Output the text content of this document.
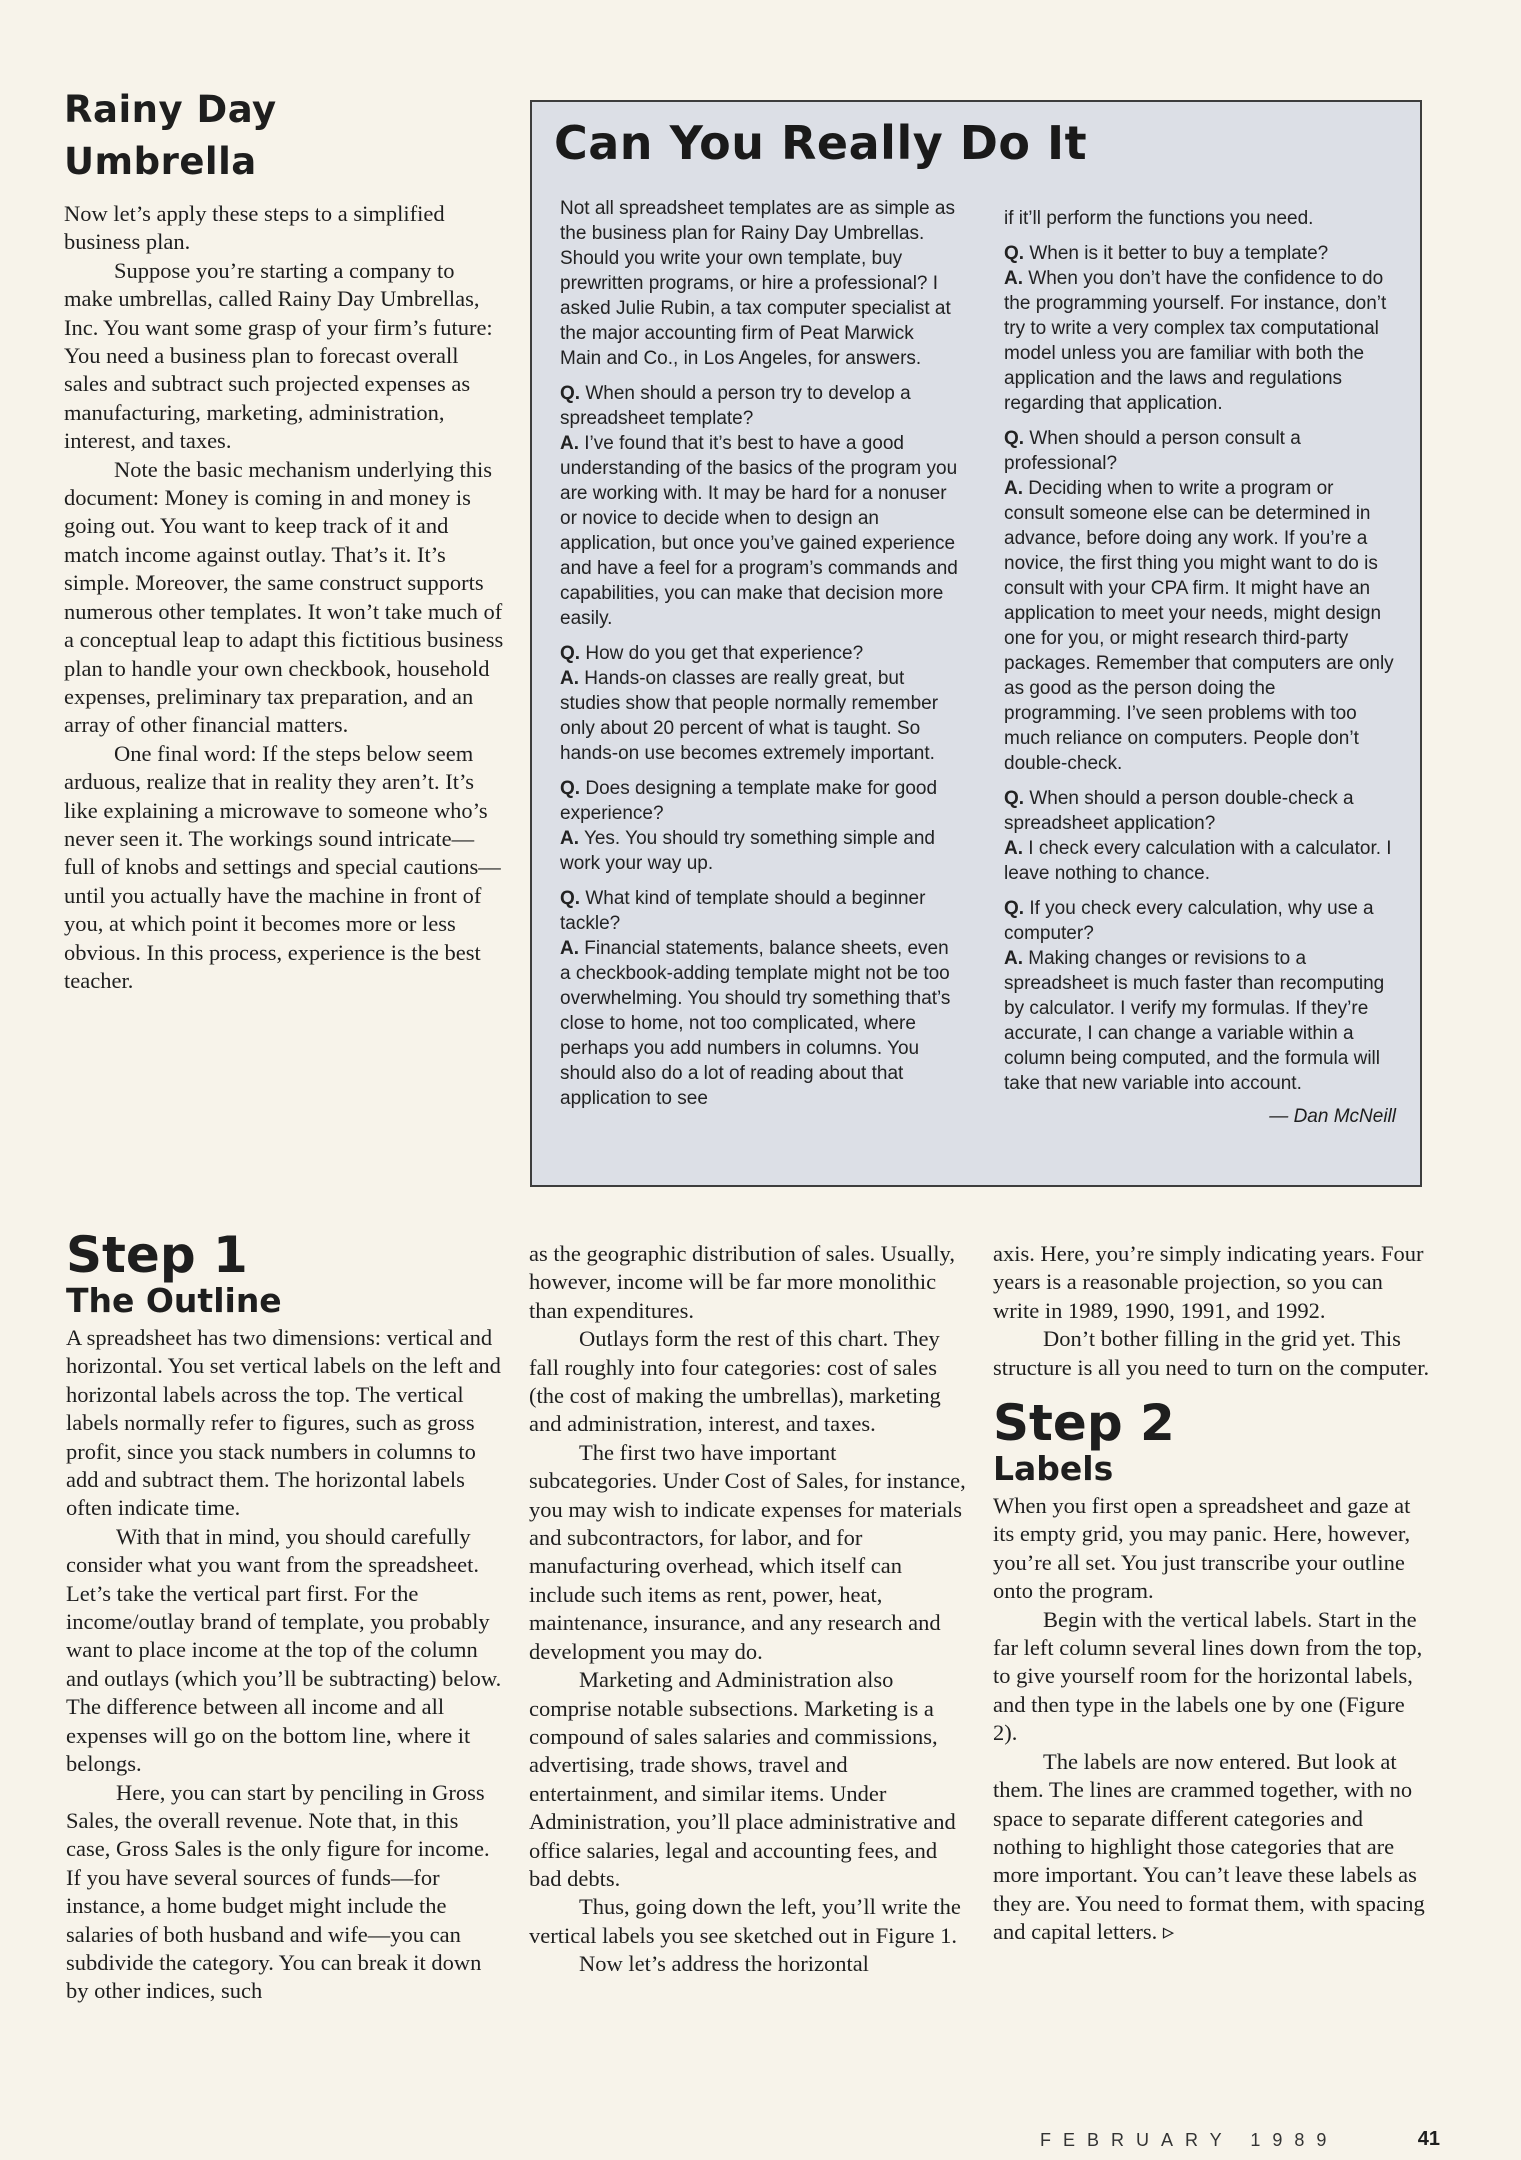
Rainy Day
Umbrella

Now let’s apply these steps to a simplified business plan.

Suppose you’re starting a company to make umbrellas, called Rainy Day Umbrellas, Inc. You want some grasp of your firm’s future: You need a business plan to forecast overall sales and subtract such projected expenses as manufacturing, marketing, administration, interest, and taxes.

Note the basic mechanism underlying this document: Money is coming in and money is going out. You want to keep track of it and match income against outlay. That’s it. It’s simple. Moreover, the same construct supports numerous other templates. It won’t take much of a conceptual leap to adapt this fictitious business plan to handle your own checkbook, household expenses, preliminary tax preparation, and an array of other financial matters.

One final word: If the steps below seem arduous, realize that in reality they aren’t. It’s like explaining a microwave to someone who’s never seen it. The workings sound intricate—full of knobs and settings and special cautions—until you actually have the machine in front of you, at which point it becomes more or less obvious. In this process, experience is the best teacher.

Can You Really Do It

Not all spreadsheet templates are as simple as the business plan for Rainy Day Umbrellas. Should you write your own template, buy prewritten programs, or hire a professional? I asked Julie Rubin, a tax computer specialist at the major accounting firm of Peat Marwick Main and Co., in Los Angeles, for answers.

Q. When should a person try to develop a spreadsheet template?

A. I’ve found that it’s best to have a good understanding of the basics of the program you are working with. It may be hard for a nonuser or novice to decide when to design an application, but once you’ve gained experience and have a feel for a program’s commands and capabilities, you can make that decision more easily.

Q. How do you get that experience?

A. Hands-on classes are really great, but studies show that people normally remember only about 20 percent of what is taught. So hands-on use becomes extremely important.

Q. Does designing a template make for good experience?

A. Yes. You should try something simple and work your way up.

Q. What kind of template should a beginner tackle?

A. Financial statements, balance sheets, even a checkbook-adding template might not be too overwhelming. You should try something that’s close to home, not too complicated, where perhaps you add numbers in columns. You should also do a lot of reading about that application to see

if it’ll perform the functions you need.

Q. When is it better to buy a template?

A. When you don’t have the confidence to do the programming yourself. For instance, don’t try to write a very complex tax computational model unless you are familiar with both the application and the laws and regulations regarding that application.

Q. When should a person consult a professional?

A. Deciding when to write a program or consult someone else can be determined in advance, before doing any work. If you’re a novice, the first thing you might want to do is consult with your CPA firm. It might have an application to meet your needs, might design one for you, or might research third-party packages. Remember that computers are only as good as the person doing the programming. I’ve seen problems with too much reliance on computers. People don’t double-check.

Q. When should a person double-check a spreadsheet application?

A. I check every calculation with a calculator. I leave nothing to chance.

Q. If you check every calculation, why use a computer?

A. Making changes or revisions to a spreadsheet is much faster than recomputing by calculator. I verify my formulas. If they’re accurate, I can change a variable within a column being computed, and the formula will take that new variable into account.

— Dan McNeill
Step 1
The Outline

A spreadsheet has two dimensions: vertical and horizontal. You set vertical labels on the left and horizontal labels across the top. The vertical labels normally refer to figures, such as gross profit, since you stack numbers in columns to add and subtract them. The horizontal labels often indicate time.

With that in mind, you should carefully consider what you want from the spreadsheet. Let’s take the vertical part first. For the income/outlay brand of template, you probably want to place income at the top of the column and outlays (which you’ll be subtracting) below. The difference between all income and all expenses will go on the bottom line, where it belongs.

Here, you can start by penciling in Gross Sales, the overall revenue. Note that, in this case, Gross Sales is the only figure for income. If you have several sources of funds—for instance, a home budget might include the salaries of both husband and wife—you can subdivide the category. You can break it down by other indices, such

as the geographic distribution of sales. Usually, however, income will be far more monolithic than expenditures.

Outlays form the rest of this chart. They fall roughly into four categories: cost of sales (the cost of making the umbrellas), marketing and administration, interest, and taxes.

The first two have important subcategories. Under Cost of Sales, for instance, you may wish to indicate expenses for materials and subcontractors, for labor, and for manufacturing overhead, which itself can include such items as rent, power, heat, maintenance, insurance, and any research and development you may do.

Marketing and Administration also comprise notable subsections. Marketing is a compound of sales salaries and commissions, advertising, trade shows, travel and entertainment, and similar items. Under Administration, you’ll place administrative and office salaries, legal and accounting fees, and bad debts.

Thus, going down the left, you’ll write the vertical labels you see sketched out in Figure 1.

Now let’s address the horizontal

axis. Here, you’re simply indicating years. Four years is a reasonable projection, so you can write in 1989, 1990, 1991, and 1992.

Don’t bother filling in the grid yet. This structure is all you need to turn on the computer.

Step 2
Labels

When you first open a spreadsheet and gaze at its empty grid, you may panic. Here, however, you’re all set. You just transcribe your outline onto the program.

Begin with the vertical labels. Start in the far left column several lines down from the top, to give yourself room for the horizontal labels, and then type in the labels one by one (Figure 2).

The labels are now entered. But look at them. The lines are crammed together, with no space to separate different categories and nothing to highlight those categories that are more important. You can’t leave these labels as they are. You need to format them, with spacing and capital letters. ▹

FEBRUARY 1989	41
